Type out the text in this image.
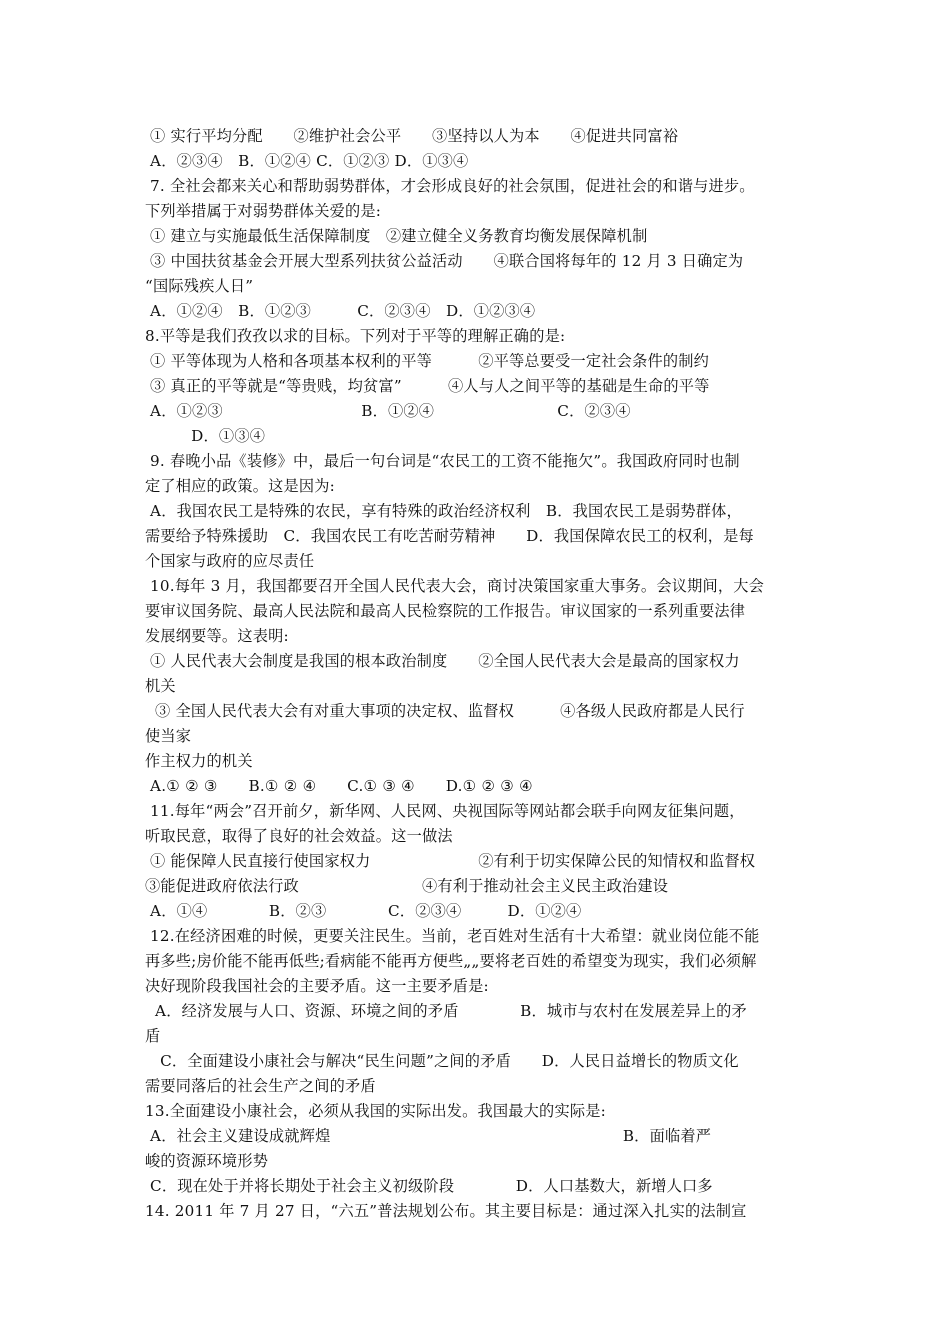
① 实行平均分配　　②维护社会公平　　③坚持以人为本　　④促进共同富裕
A．②③④　B．①②④ C．①②③ D．①③④
7. 全社会都来关心和帮助弱势群体，才会形成良好的社会氛围，促进社会的和谐与进步。
下列举措属于对弱势群体关爱的是:
① 建立与实施最低生活保障制度　②建立健全义务教育均衡发展保障机制
③ 中国扶贫基金会开展大型系列扶贫公益活动　　④联合国将每年的 12 月 3 日确定为
“国际残疾人日”
A．①②④　B．①②③　　　C．②③④　D．①②③④
8.平等是我们孜孜以求的目标。下列对于平等的理解正确的是:
① 平等体现为人格和各项基本权利的平等　　　②平等总要受一定社会条件的制约
③ 真正的平等就是“等贵贱，均贫富”　　　④人与人之间平等的基础是生命的平等
A．①②③　　　　　　　　　B．①②④　　　　　　　　C．②③④
　　　D．①③④
9. 春晚小品《装修》中，最后一句台词是“农民工的工资不能拖欠”。我国政府同时也制
定了相应的政策。这是因为:
A．我国农民工是特殊的农民，享有特殊的政治经济权利　B．我国农民工是弱势群体，
需要给予特殊援助　C．我国农民工有吃苦耐劳精神　　D．我国保障农民工的权利，是每
个国家与政府的应尽责任
10.每年 3 月，我国都要召开全国人民代表大会，商讨决策国家重大事务。会议期间，大会
要审议国务院、最高人民法院和最高人民检察院的工作报告。审议国家的一系列重要法律
发展纲要等。这表明:
① 人民代表大会制度是我国的根本政治制度　　②全国人民代表大会是最高的国家权力
机关
③ 全国人民代表大会有对重大事项的决定权、监督权　　　④各级人民政府都是人民行
使当家
作主权力的机关
A.① ② ③　　B.① ② ④　　C.① ③ ④　　D.① ② ③ ④
11.每年“两会”召开前夕，新华网、人民网、央视国际等网站都会联手向网友征集问题，
听取民意，取得了良好的社会效益。这一做法
① 能保障人民直接行使国家权力　　　　　　　②有利于切实保障公民的知情权和监督权
③能促进政府依法行政　　　　　　　　④有利于推动社会主义民主政治建设
A．①④　　　　B．②③　　　　C．②③④　　　D．①②④
12.在经济困难的时候，更要关注民生。当前，老百姓对生活有十大希望：就业岗位能不能
再多些;房价能不能再低些;看病能不能再方便些„„要将老百姓的希望变为现实，我们必须解
决好现阶段我国社会的主要矛盾。这一主要矛盾是:
A．经济发展与人口、资源、环境之间的矛盾　　　　B．城市与农村在发展差异上的矛
盾
C．全面建设小康社会与解决“民生问题”之间的矛盾　　D．人民日益增长的物质文化
需要同落后的社会生产之间的矛盾
13.全面建设小康社会，必须从我国的实际出发。我国最大的实际是:
A．社会主义建设成就辉煌　　　　　　　　　　　　　　　　　　　B．面临着严
峻的资源环境形势
C．现在处于并将长期处于社会主义初级阶段　　　　D．人口基数大，新增人口多
14. 2011 年 7 月 27 日，“六五”普法规划公布。其主要目标是：通过深入扎实的法制宣
